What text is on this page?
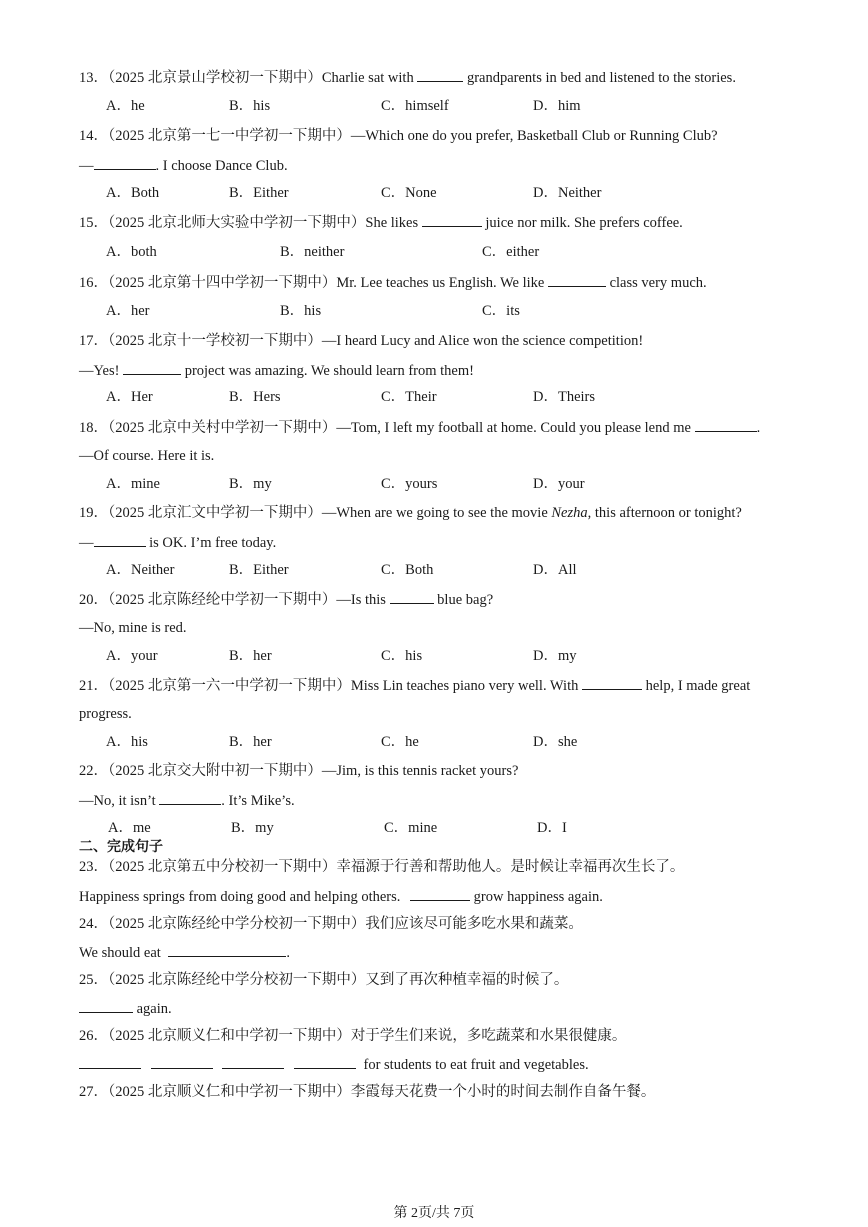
13．（2025 北京景山学校初一下期中）Charlie sat with	grandparents in bed and listened to the stories.
A．he	B．his	C．himself	D．him
14．（2025 北京第一七一中学初一下期中）—Which one do you prefer, Basketball Club or Running Club?
—	. I choose Dance Club.
A．Both	B．Either	C．None	D．Neither
15．（2025 北京北师大实验中学初一下期中）She likes	juice nor milk. She prefers coffee.
A．both	B．neither	C．either
16．（2025 北京第十四中学初一下期中）Mr. Lee teaches us English. We like	class very much.
A．her	B．his	C．its
17．（2025 北京十一学校初一下期中）—I heard Lucy and Alice won the science competition!
—Yes!	project was amazing. We should learn from them!
A．Her	B．Hers	C．Their	D．Theirs
18．（2025 北京中关村中学初一下期中）—Tom, I left my football at home. Could you please lend me	.
—Of course. Here it is.
A．mine	B．my	C．yours	D．your
19．（2025 北京汇文中学初一下期中）—When are we going to see the movie Nezha, this afternoon or tonight?
—	is OK. I’m free today.
A．Neither	B．Either	C．Both	D．All
20．（2025 北京陈经纶中学初一下期中）—Is this	blue bag?
—No, mine is red.
A．your	B．her	C．his	D．my
21．（2025 北京第一六一中学初一下期中）Miss Lin teaches piano very well. With	help, I made great
progress.
A．his	B．her	C．he	D．she
22．（2025 北京交大附中初一下期中）—Jim, is this tennis racket yours?
—No, it isn’t	. It’s Mike’s.
A．me	B．my	C．mine	D．I
二、完成句子
23．（2025 北京第五中分校初一下期中）幸福源于行善和帮助他人。是时候让幸福再次生长了。
Happiness springs from doing good and helping others.	grow happiness again.
24．（2025 北京陈经纶中学分校初一下期中）我们应该尽可能多吃水果和蔬菜。
We should eat	.
25．（2025 北京陈经纶中学分校初一下期中）又到了再次种植幸福的时候了。
again.
26．（2025 北京顺义仁和中学初一下期中）对于学生们来说，多吃蔬菜和水果很健康。
for students to eat fruit and vegetables.
27．（2025 北京顺义仁和中学初一下期中）李霞每天花费一个小时的时间去制作自备午餐。
第 2页/共 7页
